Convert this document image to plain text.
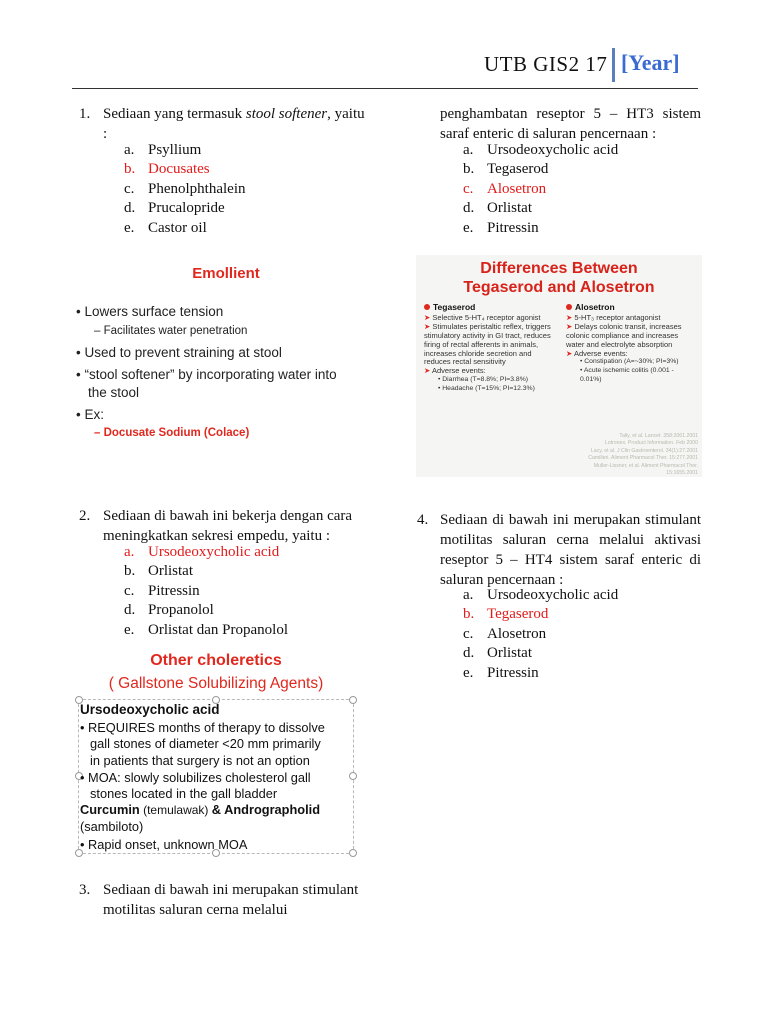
UTB GIS2 17 [Year]
1. Sediaan yang termasuk stool softener, yaitu
:
a. Psyllium
b. Docusates
c. Phenolphthalein
d. Prucalopride
e. Castor oil
Emollient
• Lowers surface tension
– Facilitates water penetration
• Used to prevent straining at stool
• “stool softener” by incorporating water into
the stool
• Ex:
– Docusate Sodium (Colace)
2. Sediaan di bawah ini bekerja dengan cara
meningkatkan sekresi empedu, yaitu :
a. Ursodeoxycholic acid
b. Orlistat
c. Pitressin
d. Propanolol
e. Orlistat dan Propanolol
Other choleretics
( Gallstone Solubilizing Agents)
Ursodeoxycholic acid
• REQUIRES months of therapy to dissolve
gall stones of diameter <20 mm primarily
in patients that surgery is not an option
• MOA: slowly solubilizes cholesterol gall
stones located in the gall bladder
Curcumin (temulawak) & Andrographolid
(sambiloto)
• Rapid onset, unknown MOA
3. Sediaan di bawah ini merupakan stimulant
motilitas saluran cerna melalui
penghambatan reseptor 5 – HT3 sistem
saraf enteric di saluran pencernaan :
a. Ursodeoxycholic acid
b. Tegaserod
c. Alosetron
d. Orlistat
e. Pitressin
Differences Between
Tegaserod and Alosetron
Tegaserod
➤ Selective 5-HT₄ receptor agonist
➤ Stimulates peristaltic reflex, triggers stimulatory activity in GI tract, reduces firing of rectal afferents in animals, increases chloride secretion and reduces rectal sensitivity
➤ Adverse events:
• Diarrhea (T=8.8%; PI=3.8%)
• Headache (T=15%; PI=12.3%)
Alosetron
➤ 5-HT₃ receptor antagonist
➤ Delays colonic transit, increases colonic compliance and increases water and electrolyte absorption
➤ Adverse events:
• Constipation (A=~30%; PI=3%)
• Acute ischemic colitis (0.001 - 0.01%)
Tally, et al. Lancet. 358:2061.2001
Lotronex. Product Information. Feb 2000
Lacy, et al. J Clin Gastroenterol. 34(1):27.2001
Camilleri. Aliment Pharmacol Ther. 15:277.2001
Muller-Lissner, et al. Aliment Pharmacol Ther. 15:1655.2001
4. Sediaan di bawah ini merupakan stimulant
motilitas saluran cerna melalui aktivasi
reseptor 5 – HT4 sistem saraf enteric di
saluran pencernaan :
a. Ursodeoxycholic acid
b. Tegaserod
c. Alosetron
d. Orlistat
e. Pitressin
